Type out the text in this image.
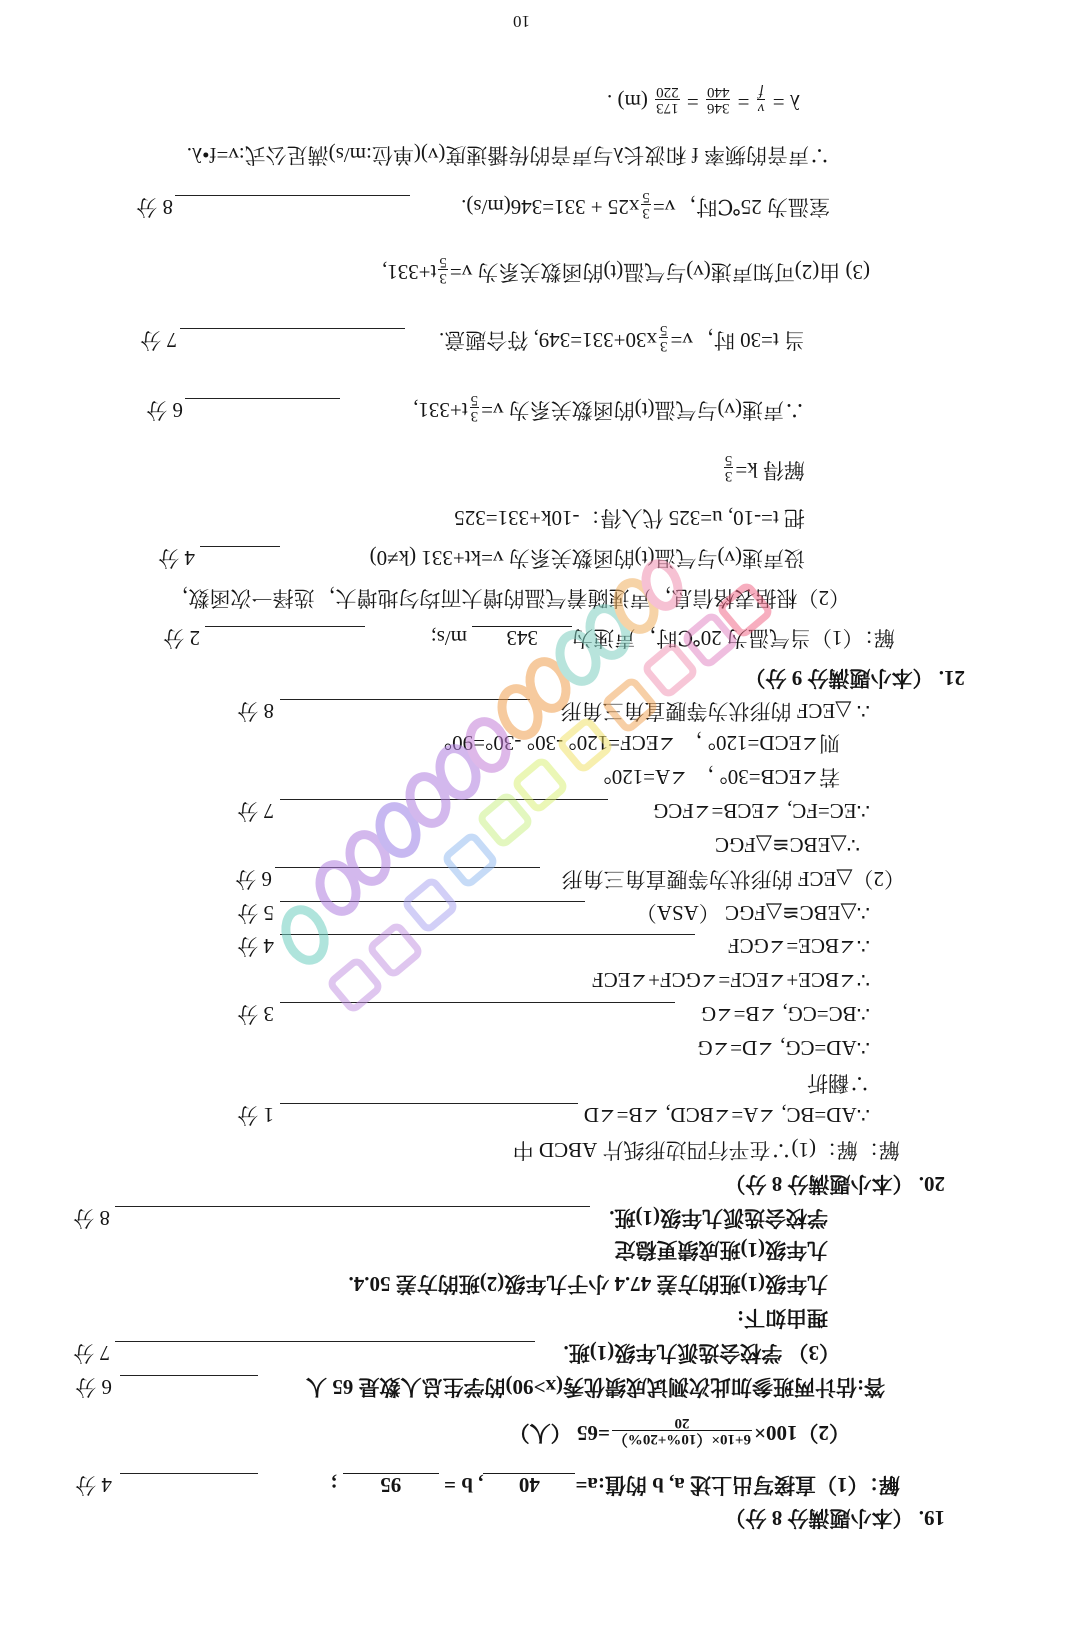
19. （本小题满分 8 分）
解：（1）直接写出上述 a, b 的值:a=40, b = 95 ;
4 分
（2）100×
6+10×（10%+20%）
20
=65 （人）
答:估计两班参加此次测试成绩优秀(x>90)的学生总人数是 65 人
6 分
（3） 学校会选派九年级(1)班.
7 分
理由如下:
九年级(1)班的方差 47.4 小于九年级(2)班的方差 50.4.
九年级(1)班成绩更稳定
学校会选派九年级(1)班.
8 分
20. （本小题满分 8 分）
解：解：(1)∵在平行四边形纸片 ABCD 中
∴AD=BC, ∠A=∠BCD, ∠B=∠D
1 分
∵翻折
∴AD=CG, ∠D=∠G
∴BC=CG, ∠B=∠G
3 分
∵∠BCE+∠ECF=∠GCF+∠ECF
∴∠BCE=∠GCF
4 分
∴△EBC≌△FGC （ASA）
5 分
（2）△ECF 的形状为等腰直角三角形
6 分
∵△EBC≌△FGC
∴EC=FC, ∠ECB=∠FCG
7 分
若∠ECB=30° ， ∠A=120°
则∠ECD=120° ， ∠ECF=120° -30° -30°=90°
∴ △ECF 的形状为等腰直角三角形
8 分
21. （本小题满分 9 分）
解：（1）当气温为 20℃时，声速为343 m/s;
2 分
（2）根据表格信息，声速随着气温的增大而均匀地增大，选择一次函数，
设声速(v)与气温(t)的函数关系为 v=kt+331 (k≠0)
4 分
把 t=-10, u=325 代入得：-10k+331=325
解得 k=
3
5
∴声速(v)与气温(t)的函数关系为 v=
3
5
t+331,
6 分
当 t=30 时，v=
3
5
x30+331=349, 符合题意.
7 分
(3) 由(2)可知声速(v)与气温(t)的函数关系为 v=
3
5
t+331,
室温为 25℃时，v=
3
5
x25 + 331=346(m/s).
8 分
∵声音的频率 f 和波长λ与声音的传播速度(v)(单位:m/s)满足公式:v=f•λ.
λ =
v
f
=
346
440
=
173
220
(m) .
10
